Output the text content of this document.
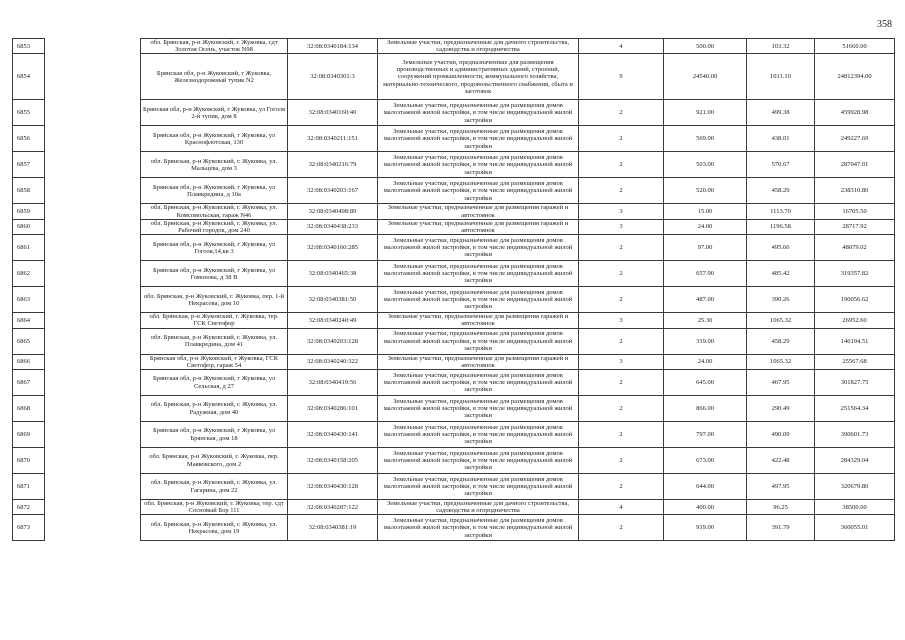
358
6853		обл. Брянская, р-н Жуковский, г. Жуковка, сдт Золотая Осень, участок N98	32:08:0340184:134	Земельные участки, предназначенные для дачного строительства, садоводства и огородничества	4	500.00	103.32	51660.00
6854		Брянская обл, р-н Жуковский, г Жуковка, Железнодорожный тупик N2	32:08:0340301:3	Земельные участки, предназначенные для размещения производственных и административных зданий, строений, сооружений промышленности, коммунального хозяйства, материально-технического, продовольственного снабжения, сбыта и заготовок	9	24540.00	1011.10	24812394.00
6855		Брянская обл, р-н Жуковский, г Жуковка, ул Гоголя 2-й тупик, дом 8	32:08:0340160:40	Земельные участки, предназначенные для размещения домов малоэтажной жилой застройки, в том числе индивидуальной жилой застройки	2	921.00	499.38	459928.98
6856		Брянская обл, р-н Жуковский, г Жуковка, ул Краснофлотская, 130	32:08:0340211:151	Земельные участки, предназначенные для размещения домов малоэтажной жилой застройки, в том числе индивидуальной жилой застройки	2	569.00	438.01	249227.69
6857		обл. Брянская, р-н Жуковский, г. Жуковка, ул. Мальцева, дом 3	32:08:0340216:79	Земельные участки, предназначенные для размещения домов малоэтажной жилой застройки, в том числе индивидуальной жилой застройки	2	503.00	570.67	287047.01
6858		Брянская обл, р-н Жуковский, г Жуковка, ул Плавкредина, д 10а	32:08:0340203:167	Земельные участки, предназначенные для размещения домов малоэтажной жилой застройки, в том числе индивидуальной жилой застройки	2	520.00	458.29	238310.80
6859		обл. Брянская, р-н Жуковский, г. Жуковка, ул. Комсомольская, гараж N46	32:08:0340498:89	Земельные участки, предназначенные для размещения гаражей и автостоянок	3	15.00	1113.70	16705.50
6860		обл. Брянская, р-н Жуковский, г. Жуковка, ул. Рабочий городок, дом 240	32:08:0340438:233	Земельные участки, предназначенные для размещения гаражей и автостоянок	3	24.00	1196.58	28717.92
6861		Брянская обл, р-н Жуковский, г Жуковка, ул Гоголя,14,кв 3	32:08:0340160:285	Земельные участки, предназначенные для размещения домов малоэтажной жилой застройки, в том числе индивидуальной жилой застройки	2	97.00	495.66	48079.02
6862		Брянская обл, р-н Жуковский, г Жуковка, ул Гомонова, д 38 В	32:08:0340465:38	Земельные участки, предназначенные для размещения домов малоэтажной жилой застройки, в том числе индивидуальной жилой застройки	2	657.90	485.42	319357.82
6863		обл. Брянская, р-н Жуковский, г. Жуковка, пер. 1-й Некрасова, дом 10	32:08:0340381:50	Земельные участки, предназначенные для размещения домов малоэтажной жилой застройки, в том числе индивидуальной жилой застройки	2	487.00	390.26	190056.62
6864		обл. Брянская, р-н Жуковский, г. Жуковка, тер. ГСК Светофор	32:08:0340240:49	Земельные участки, предназначенные для размещения гаражей и автостоянок	3	25.30	1065.32	26952.60
6865		обл. Брянская, р-н Жуковский, г. Жуковка, ул. Плавкредина, дом 41	32:08:0340203:128	Земельные участки, предназначенные для размещения домов малоэтажной жилой застройки, в том числе индивидуальной жилой застройки	2	319.00	458.29	146194.51
6866		Брянская обл, р-н Жуковский, г Жуковка, ГСК Светофор, гараж 54	32:08:0340240:322	Земельные участки, предназначенные для размещения гаражей и автостоянок	3	24.00	1065.32	25567.68
6867		Брянская обл, р-н Жуковский, г Жуковка, ул Сельская, д 27	32:08:0340419:56	Земельные участки, предназначенные для размещения домов малоэтажной жилой застройки, в том числе индивидуальной жилой застройки	2	645.00	467.95	301827.75
6868		обл. Брянская, р-н Жуковский, г. Жуковка, ул. Радужная, дом 40	32:08:0340286:101	Земельные участки, предназначенные для размещения домов малоэтажной жилой застройки, в том числе индивидуальной жилой застройки	2	866.00	290.49	251564.34
6869		Брянская обл, р-н Жуковский, г Жуковка, ул Брянская, дом 18	32:08:0340430:141	Земельные участки, предназначенные для размещения домов малоэтажной жилой застройки, в том числе индивидуальной жилой застройки	2	797.00	490.09	390601.73
6870		обл. Брянская, р-н Жуковский, г. Жуковка, пер. Маяковского, дом 2	32:08:0340158:205	Земельные участки, предназначенные для размещения домов малоэтажной жилой застройки, в том числе индивидуальной жилой застройки	2	673.00	422.48	284329.04
6871		обл. Брянская, р-н Жуковский, г. Жуковка, ул. Гагарина, дом 22	32:08:0340430:128	Земельные участки, предназначенные для размещения домов малоэтажной жилой застройки, в том числе индивидуальной жилой застройки	2	644.00	497.95	320679.80
6872		обл. Брянская, р-н Жуковский, г. Жуковка, тер. сдт Сосновый Бор 111	32:08:0340287:122	Земельные участки, предназначенные для дачного строительства, садоводства и огородничества	4	400.00	96.25	38500.00
6873		обл. Брянская, р-н Жуковский, г. Жуковка, ул. Некрасова, дом 19	32:08:0340381:19	Земельные участки, предназначенные для размещения домов малоэтажной жилой застройки, в том числе индивидуальной жилой застройки	2	919.00	391.79	360055.01
